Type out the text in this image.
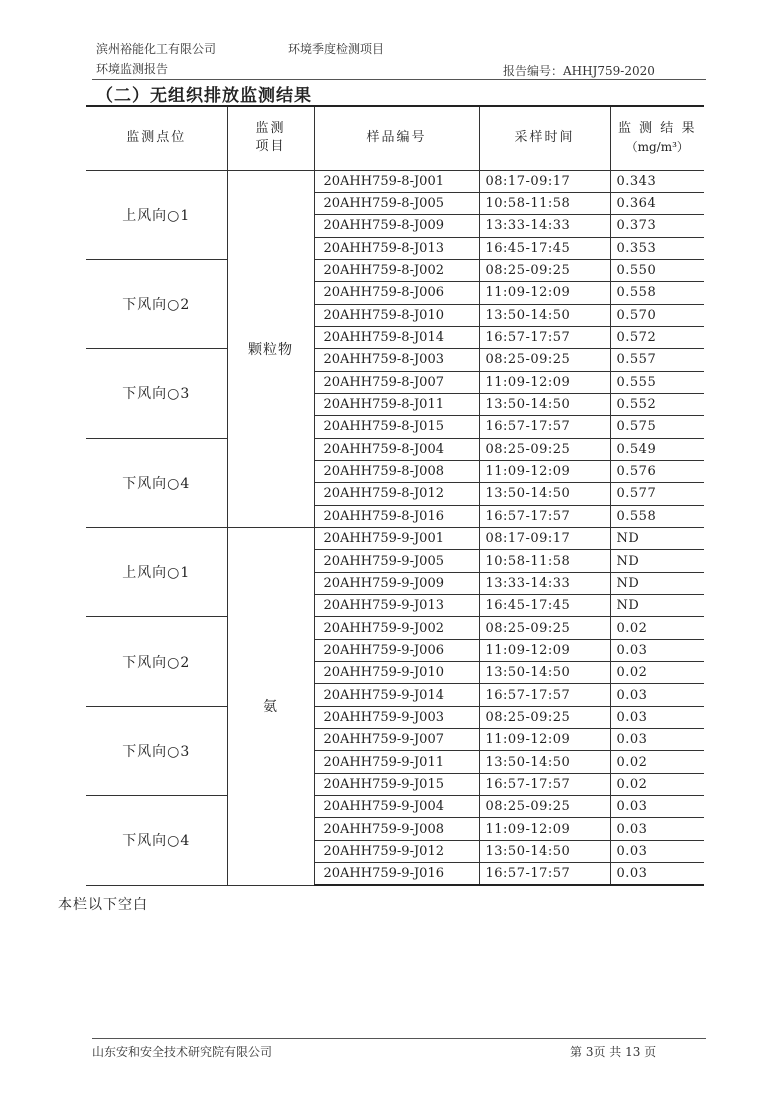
滨州裕能化工有限公司	环境季度检测项目
环境监测报告	报告编号：AHHJ759-2020
（二）无组织排放监测结果
监测点位	监测项目	样品编号	采样时间	监 测 结 果
（mg/m³）

上风向○1	颗粒物	20AHH759-8-J001	08:17-09:17	0.343
		20AHH759-8-J005	10:58-11:58	0.364
		20AHH759-8-J009	13:33-14:33	0.373
		20AHH759-8-J013	16:45-17:45	0.353
下风向○2		20AHH759-8-J002	08:25-09:25	0.550
		20AHH759-8-J006	11:09-12:09	0.558
		20AHH759-8-J010	13:50-14:50	0.570
		20AHH759-8-J014	16:57-17:57	0.572
下风向○3		20AHH759-8-J003	08:25-09:25	0.557
		20AHH759-8-J007	11:09-12:09	0.555
		20AHH759-8-J011	13:50-14:50	0.552
		20AHH759-8-J015	16:57-17:57	0.575
下风向○4		20AHH759-8-J004	08:25-09:25	0.549
		20AHH759-8-J008	11:09-12:09	0.576
		20AHH759-8-J012	13:50-14:50	0.577
		20AHH759-8-J016	16:57-17:57	0.558
上风向○1	氨	20AHH759-9-J001	08:17-09:17	ND
		20AHH759-9-J005	10:58-11:58	ND
		20AHH759-9-J009	13:33-14:33	ND
		20AHH759-9-J013	16:45-17:45	ND
下风向○2		20AHH759-9-J002	08:25-09:25	0.02
		20AHH759-9-J006	11:09-12:09	0.03
		20AHH759-9-J010	13:50-14:50	0.02
		20AHH759-9-J014	16:57-17:57	0.03
下风向○3		20AHH759-9-J003	08:25-09:25	0.03
		20AHH759-9-J007	11:09-12:09	0.03
		20AHH759-9-J011	13:50-14:50	0.02
		20AHH759-9-J015	16:57-17:57	0.02
下风向○4		20AHH759-9-J004	08:25-09:25	0.03
		20AHH759-9-J008	11:09-12:09	0.03
		20AHH759-9-J012	13:50-14:50	0.03
		20AHH759-9-J016	16:57-17:57	0.03
本栏以下空白
山东安和安全技术研究院有限公司	第 3页 共 13 页
